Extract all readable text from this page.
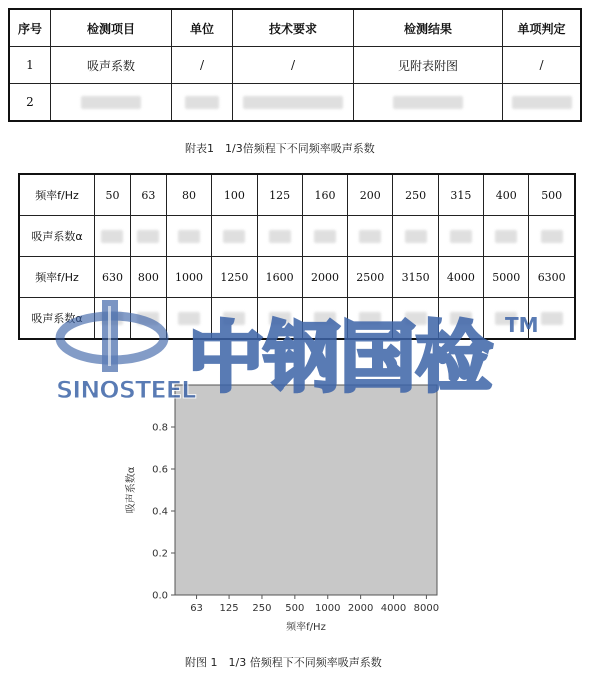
序号	检测项目	单位	技术要求	检测结果	单项判定
1	吸声系数	/	/	见附表附图	/
2					
附表1　1/3倍频程下不同频率吸声系数
频率f/Hz	50	63	80	100	125	160	200	250	315	400	500
吸声系数α											
频率f/Hz	630	800	1000	1250	1600	2000	2500	3150	4000	5000	6300
吸声系数α											
0.0
0.2
0.4
0.6
0.8
63 125 250 500 1000 2000 4000 8000
频率f/Hz
吸声系数α
SINOSTEEL
中钢国检 TM
附图 1　1/3 倍频程下不同频率吸声系数
